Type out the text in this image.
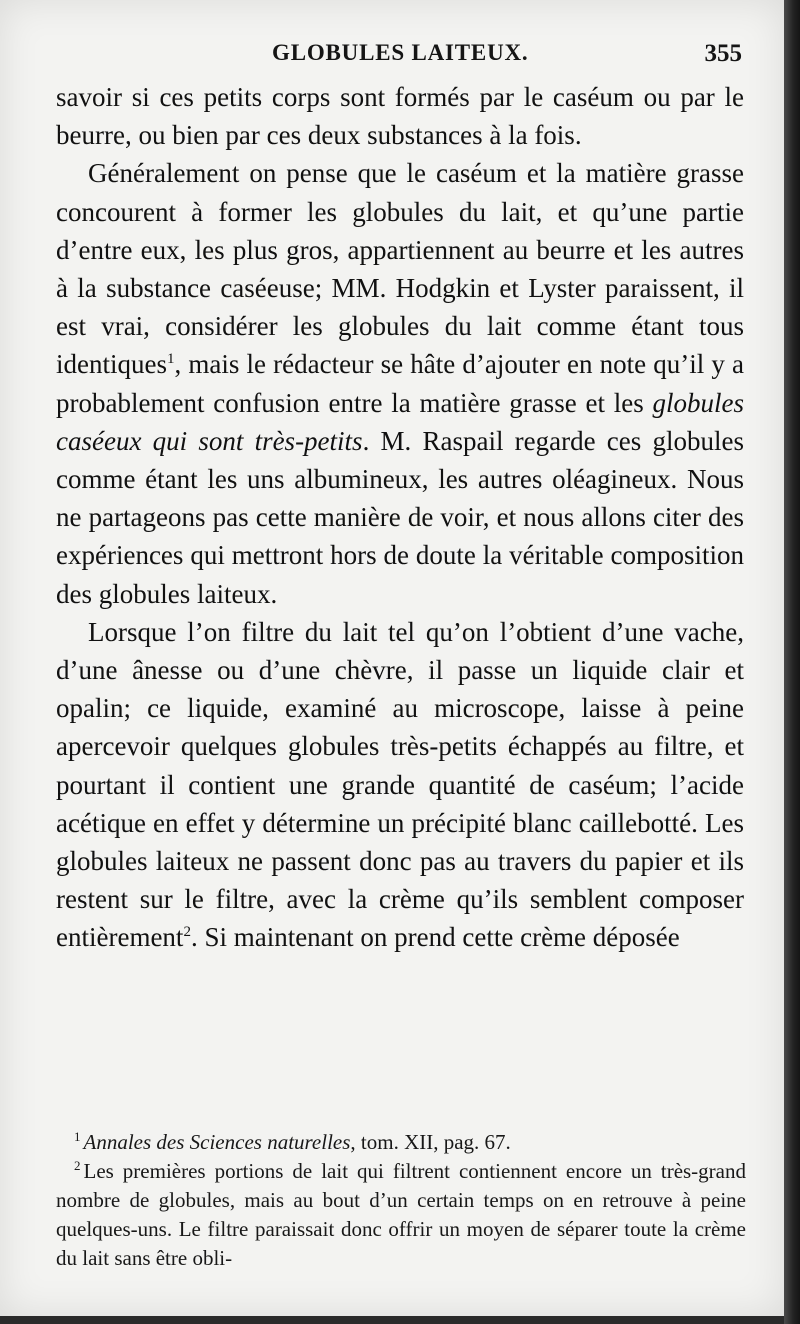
GLOBULES LAITEUX.	355

savoir si ces petits corps sont formés par le caséum ou par le beurre, ou bien par ces deux substances à la fois.

Généralement on pense que le caséum et la matière grasse concourent à former les globules du lait, et qu’une partie d’entre eux, les plus gros, appartiennent au beurre et les autres à la substance caséeuse; MM. Hodgkin et Lyster paraissent, il est vrai, considérer les globules du lait comme étant tous identiques$^1$, mais le rédacteur se hâte d’ajouter en note qu’il y a probablement confusion entre la matière grasse et les globules caséeux qui sont très-petits. M. Raspail regarde ces globules comme étant les uns albumineux, les autres oléagineux. Nous ne partageons pas cette manière de voir, et nous allons citer des expériences qui mettront hors de doute la véritable composition des globules laiteux.

Lorsque l’on filtre du lait tel qu’on l’obtient d’une vache, d’une ânesse ou d’une chèvre, il passe un liquide clair et opalin; ce liquide, examiné au microscope, laisse à peine apercevoir quelques globules très-petits échappés au filtre, et pourtant il contient une grande quantité de caséum; l’acide acétique en effet y détermine un précipité blanc caillebotté. Les globules laiteux ne passent donc pas au travers du papier et ils restent sur le filtre, avec la crème qu’ils semblent composer entièrement$^2$. Si maintenant on prend cette crème déposée

$^1$ Annales des Sciences naturelles, tom. XII, pag. 67.

$^2$ Les premières portions de lait qui filtrent contiennent encore un très-grand nombre de globules, mais au bout d’un certain temps on en retrouve à peine quelques-uns. Le filtre paraissait donc offrir un moyen de séparer toute la crème du lait sans être obli-
